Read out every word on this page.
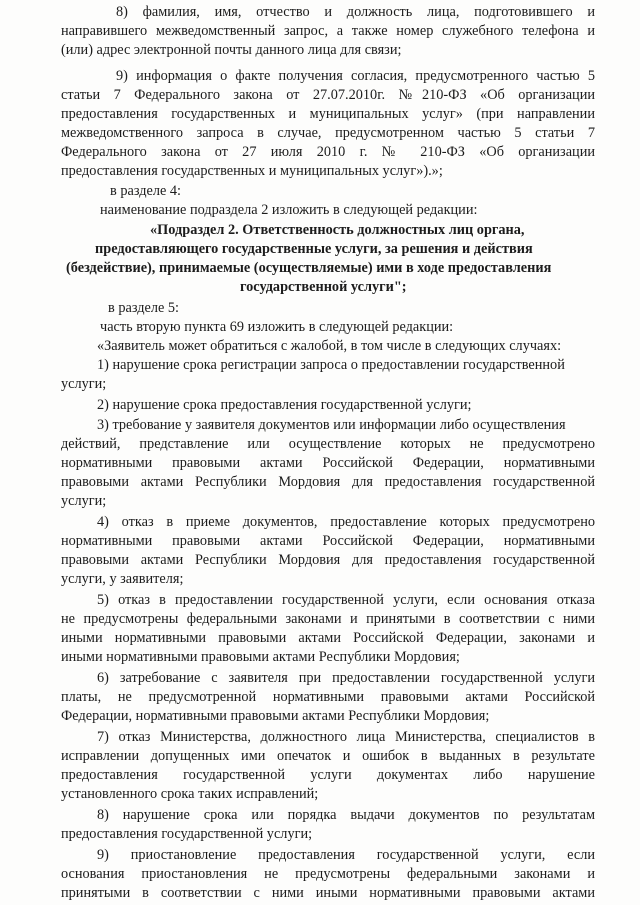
8) фамилия, имя, отчество и должность лица, подготовившего и
направившего межведомственный запрос, а также номер служебного телефона и
(или) адрес электронной почты данного лица для связи;
9) информация о факте получения согласия, предусмотренного частью 5
статьи 7 Федерального закона от 27.07.2010г. №210-ФЗ «Об организации
предоставления государственных и муниципальных услуг» (при направлении
межведомственного запроса в случае, предусмотренном частью 5 статьи 7
Федерального закона от 27 июля 2010 г. № 210-ФЗ «Об организации
предоставления государственных и муниципальных услуг»).»;
в разделе 4:
наименование подраздела 2 изложить в следующей редакции:
«Подраздел 2. Ответственность должностных лиц органа,
предоставляющего государственные услуги, за решения и действия
(бездействие), принимаемые (осуществляемые) ими в ходе предоставления
государственной услуги";
в разделе 5:
часть вторую пункта 69 изложить в следующей редакции:
«Заявитель может обратиться с жалобой, в том числе в следующих случаях:
1) нарушение срока регистрации запроса о предоставлении государственной
услуги;
2) нарушение срока предоставления государственной услуги;
3) требование у заявителя документов или информации либо осуществления
действий, представление или осуществление которых не предусмотрено
нормативными правовыми актами Российской Федерации, нормативными
правовыми актами Республики Мордовия для предоставления государственной
услуги;
4) отказ в приеме документов, предоставление которых предусмотрено
нормативными правовыми актами Российской Федерации, нормативными
правовыми актами Республики Мордовия для предоставления государственной
услуги, у заявителя;
5) отказ в предоставлении государственной услуги, если основания отказа
не предусмотрены федеральными законами и принятыми в соответствии с ними
иными нормативными правовыми актами Российской Федерации, законами и
иными нормативными правовыми актами Республики Мордовия;
6) затребование с заявителя при предоставлении государственной услуги
платы, не предусмотренной нормативными правовыми актами Российской
Федерации, нормативными правовыми актами Республики Мордовия;
7) отказ Министерства, должностного лица Министерства, специалистов в
исправлении допущенных ими опечаток и ошибок в выданных в результате
предоставления государственной услуги документах либо нарушение
установленного срока таких исправлений;
8) нарушение срока или порядка выдачи документов по результатам
предоставления государственной услуги;
9) приостановление предоставления государственной услуги, если
основания приостановления не предусмотрены федеральными законами и
принятыми в соответствии с ними иными нормативными правовыми актами
